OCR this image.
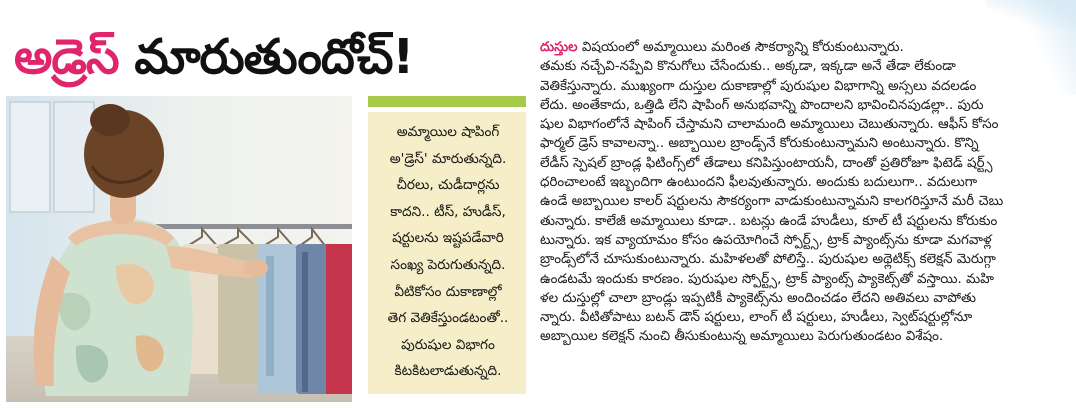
అడ్రెస్ మారుతుందోచ్!
అమ్మాయిల షాపింగ్
అ'డ్రెస్' మారుతున్నది.
చీరలు, చుడీదార్లను
కాదని.. టీస్, హుడీస్,
షర్టులను ఇష్టపడేవారి
సంఖ్య పెరుగుతున్నది.
వీటికోసం దుకాణాల్లో
తెగ వెతికేస్తుండటంతో..
పురుషుల విభాగం
కిటకిటలాడుతున్నది.
దుస్తుల విషయంలో అమ్మాయిలు మరింత సౌకర్యాన్ని కోరుకుంటున్నారు.
తమకు నచ్చేవి-నప్పేవి కొనుగోలు చేసేందుకు.. అక్కడా, ఇక్కడా అనే తేడా లేకుండా
వెతికేస్తున్నారు. ముఖ్యంగా దుస్తుల దుకాణాల్లో పురుషుల విభాగాన్ని అస్సలు వదలడం
లేదు. అంతేకాదు, ఒత్తిడి లేని షాపింగ్ అనుభవాన్ని పొందాలని భావించినపుడల్లా.. పురు
షుల విభాగంలోనే షాపింగ్ చేస్తామని చాలామంది అమ్మాయిలు చెబుతున్నారు. ఆఫీస్ కోసం
ఫార్మల్ డ్రెస్ కావాలన్నా.. అబ్బాయిల బ్రాండ్స్‌నే కోరుకుంటున్నామని అంటున్నారు. కొన్ని
లేడీస్ స్పెషల్ బ్రాండ్ల ఫిటింగ్స్‌లో తేడాలు కనిపిస్తుంటాయనీ, దాంతో ప్రతిరోజూ ఫిటెడ్ షర్ట్స్
ధరించాలంటే ఇబ్బందిగా ఉంటుందని ఫీలవుతున్నారు. అందుకు బదులుగా.. వదులుగా
ఉండే అబ్బాయిల కాలర్ షర్టులను సౌకర్యంగా వాడుకుంటున్నామని కాలగరిస్తూనే మరీ చెబు
తున్నారు. కాలేజీ అమ్మాయిలు కూడా.. బటన్లు ఉండే హుడీలు, కూల్ టీ షర్టులను కోరుకుం
టున్నారు. ఇక వ్యాయామం కోసం ఉపయోగించే స్పోర్ట్స్, ట్రాక్ ప్యాంట్స్‌ను కూడా మగవాళ్ల
బ్రాండ్స్‌లోనే చూసుకుంటున్నారు. మహిళలతో పోలిస్తే.. పురుషుల అథ్లెటిక్స్ కలెక్షన్ మెరుగ్గా
ఉండటమే ఇందుకు కారణం. పురుషుల స్పోర్ట్స్, ట్రాక్ ప్యాంట్స్ ప్యాకెట్స్‌తో వస్తాయి. మహి
ళల దుస్తుల్లో చాలా బ్రాండ్లు ఇప్పటికీ ప్యాకెట్స్‌ను అందించడం లేదని అతివలు వాపోతు
న్నారు. వీటితోపాటు బటన్ డౌన్ షర్టులు, లాంగ్ టీ షర్టులు, హుడీలు, స్వెట్‌షర్టుల్లోనూ
అబ్బాయిల కలెక్షన్ నుంచి తీసుకుంటున్న అమ్మాయిలు పెరుగుతుండటం విశేషం.
